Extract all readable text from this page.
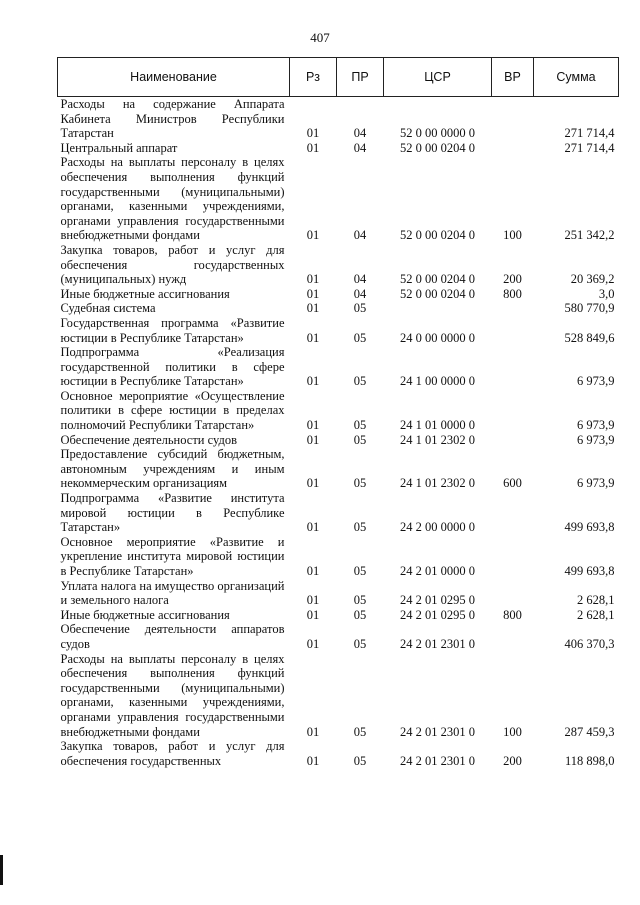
407
Наименование	Рз	ПР	ЦСР	ВР	Сумма
Расходы на содержание Аппарата Кабинета Министров Республики Татарстан	01	04	52 0 00 0000 0		271 714,4
Центральный аппарат	01	04	52 0 00 0204 0		271 714,4
Расходы на выплаты персоналу в целях обеспечения выполнения функций государственными (муниципальными) органами, казенными учреждениями, органами управления государственными внебюджетными фондами	01	04	52 0 00 0204 0	100	251 342,2
Закупка товаров, работ и услуг для обеспечения государственных (муниципальных) нужд	01	04	52 0 00 0204 0	200	20 369,2
Иные бюджетные ассигнования	01	04	52 0 00 0204 0	800	3,0
Судебная система	01	05			580 770,9
Государственная программа «Развитие юстиции в Республике Татарстан»	01	05	24 0 00 0000 0		528 849,6
Подпрограмма «Реализация государственной политики в сфере юстиции в Республике Татарстан»	01	05	24 1 00 0000 0		6 973,9
Основное мероприятие «Осуществление политики в сфере юстиции в пределах полномочий Республики Татарстан»	01	05	24 1 01 0000 0		6 973,9
Обеспечение деятельности судов	01	05	24 1 01 2302 0		6 973,9
Предоставление субсидий бюджетным, автономным учреждениям и иным некоммерческим организациям	01	05	24 1 01 2302 0	600	6 973,9
Подпрограмма «Развитие института мировой юстиции в Республике Татарстан»	01	05	24 2 00 0000 0		499 693,8
Основное мероприятие «Развитие и укрепление института мировой юстиции в Республике Татарстан»	01	05	24 2 01 0000 0		499 693,8
Уплата налога на имущество организаций и земельного налога	01	05	24 2 01 0295 0		2 628,1
Иные бюджетные ассигнования	01	05	24 2 01 0295 0	800	2 628,1
Обеспечение деятельности аппаратов судов	01	05	24 2 01 2301 0		406 370,3
Расходы на выплаты персоналу в целях обеспечения выполнения функций государственными (муниципальными) органами, казенными учреждениями, органами управления государственными внебюджетными фондами	01	05	24 2 01 2301 0	100	287 459,3
Закупка товаров, работ и услуг для обеспечения государственных	01	05	24 2 01 2301 0	200	118 898,0
